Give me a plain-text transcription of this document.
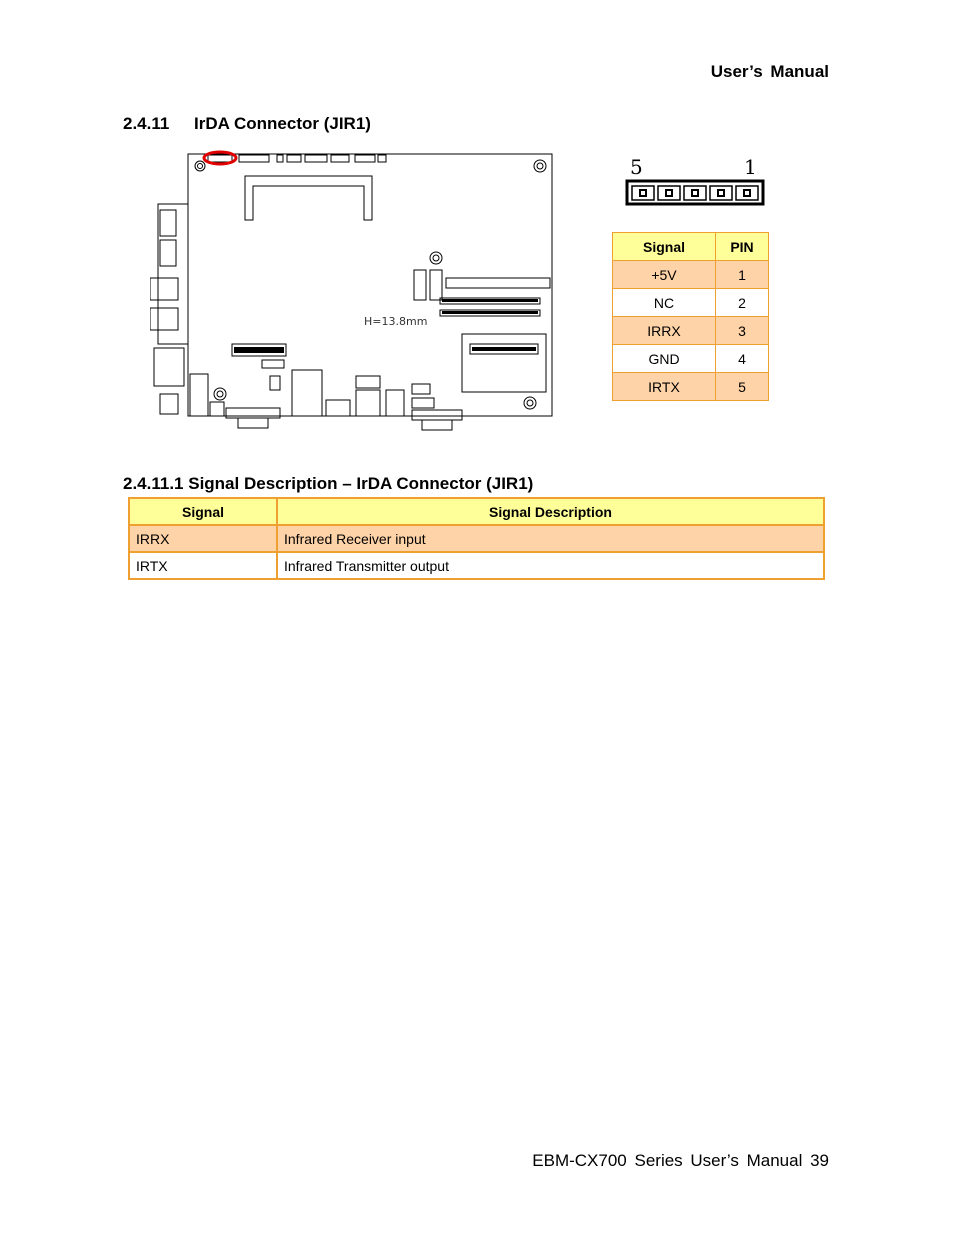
User’s Manual
2.4.11 IrDA Connector (JIR1)
H=13.8mm
5	1
Signal	PIN
+5V	1
NC	2
IRRX	3
GND	4
IRTX	5
2.4.11.1 Signal Description – IrDA Connector (JIR1)
Signal	Signal Description
IRRX	Infrared Receiver input
IRTX	Infrared Transmitter output
EBM-CX700 Series User’s Manual 39
